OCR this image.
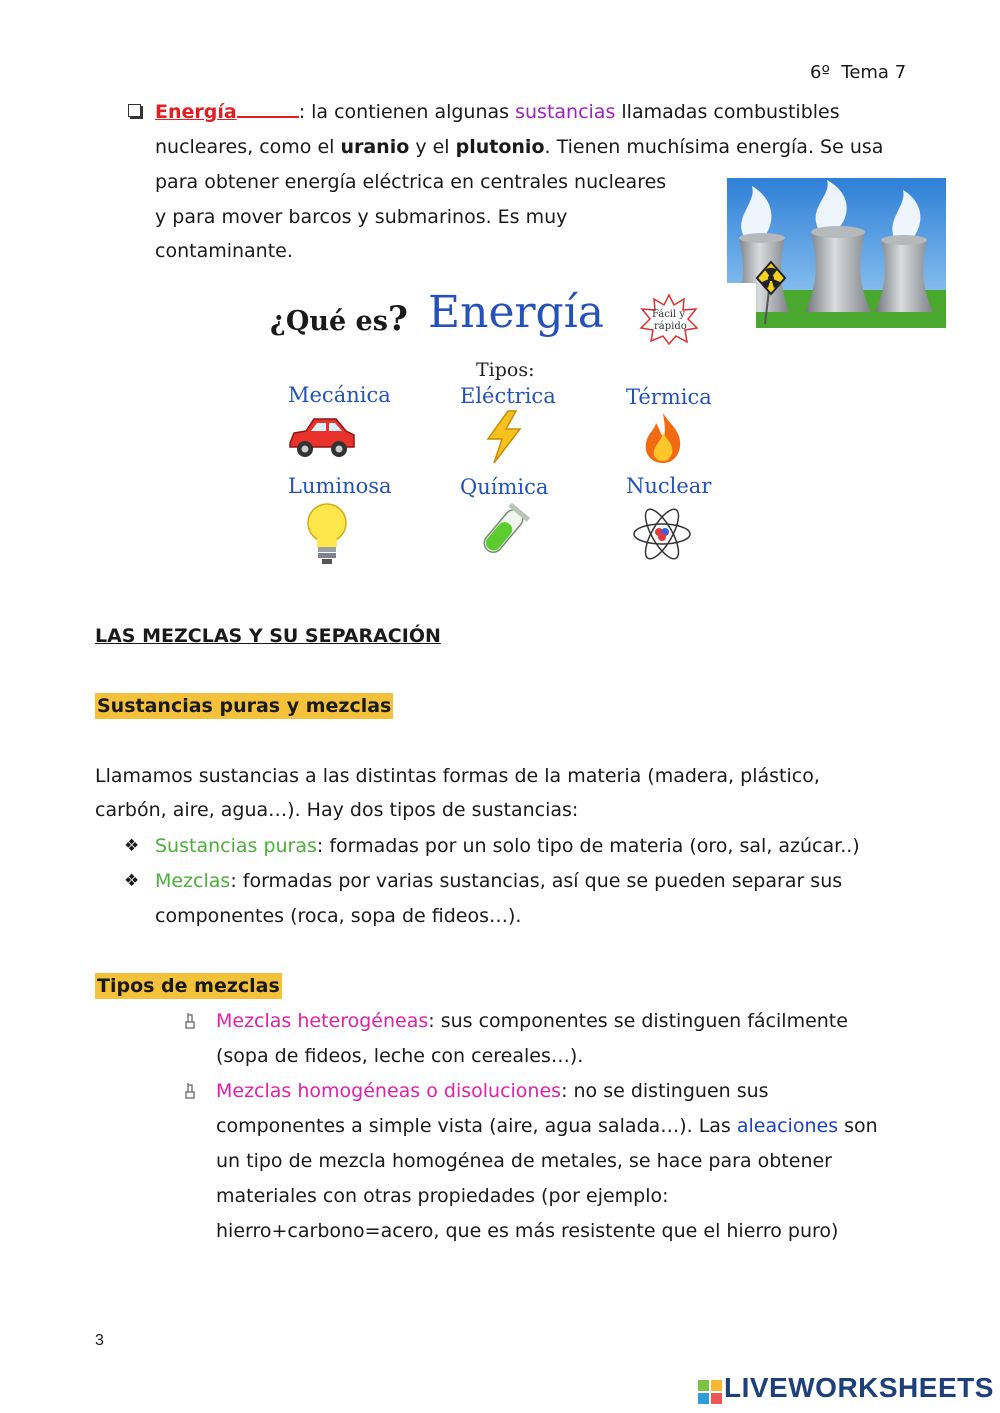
6º Tema 7
Energía	: la contienen algunas sustancias llamadas combustibles
nucleares, como el uranio y el plutonio. Tienen muchísima energía. Se usa
para obtener energía eléctrica en centrales nucleares
y para mover barcos y submarinos. Es muy
contaminante.
¿Qué es? Energía	Fácil y
rápido
Tipos:
Mecánica	Eléctrica	Térmica
Luminosa	Química	Nuclear
LAS MEZCLAS Y SU SEPARACIÓN
Sustancias puras y mezclas
Llamamos sustancias a las distintas formas de la materia (madera, plástico,
carbón, aire, agua…). Hay dos tipos de sustancias:
❖ Sustancias puras: formadas por un solo tipo de materia (oro, sal, azúcar..)
❖ Mezclas: formadas por varias sustancias, así que se pueden separar sus
componentes (roca, sopa de fideos…).
Tipos de mezclas
Mezclas heterogéneas: sus componentes se distinguen fácilmente
(sopa de fideos, leche con cereales…).
Mezclas homogéneas o disoluciones: no se distinguen sus
componentes a simple vista (aire, agua salada…). Las aleaciones son
un tipo de mezcla homogénea de metales, se hace para obtener
materiales con otras propiedades (por ejemplo:
hierro+carbono=acero, que es más resistente que el hierro puro)
3
LIVEWORKSHEETS
